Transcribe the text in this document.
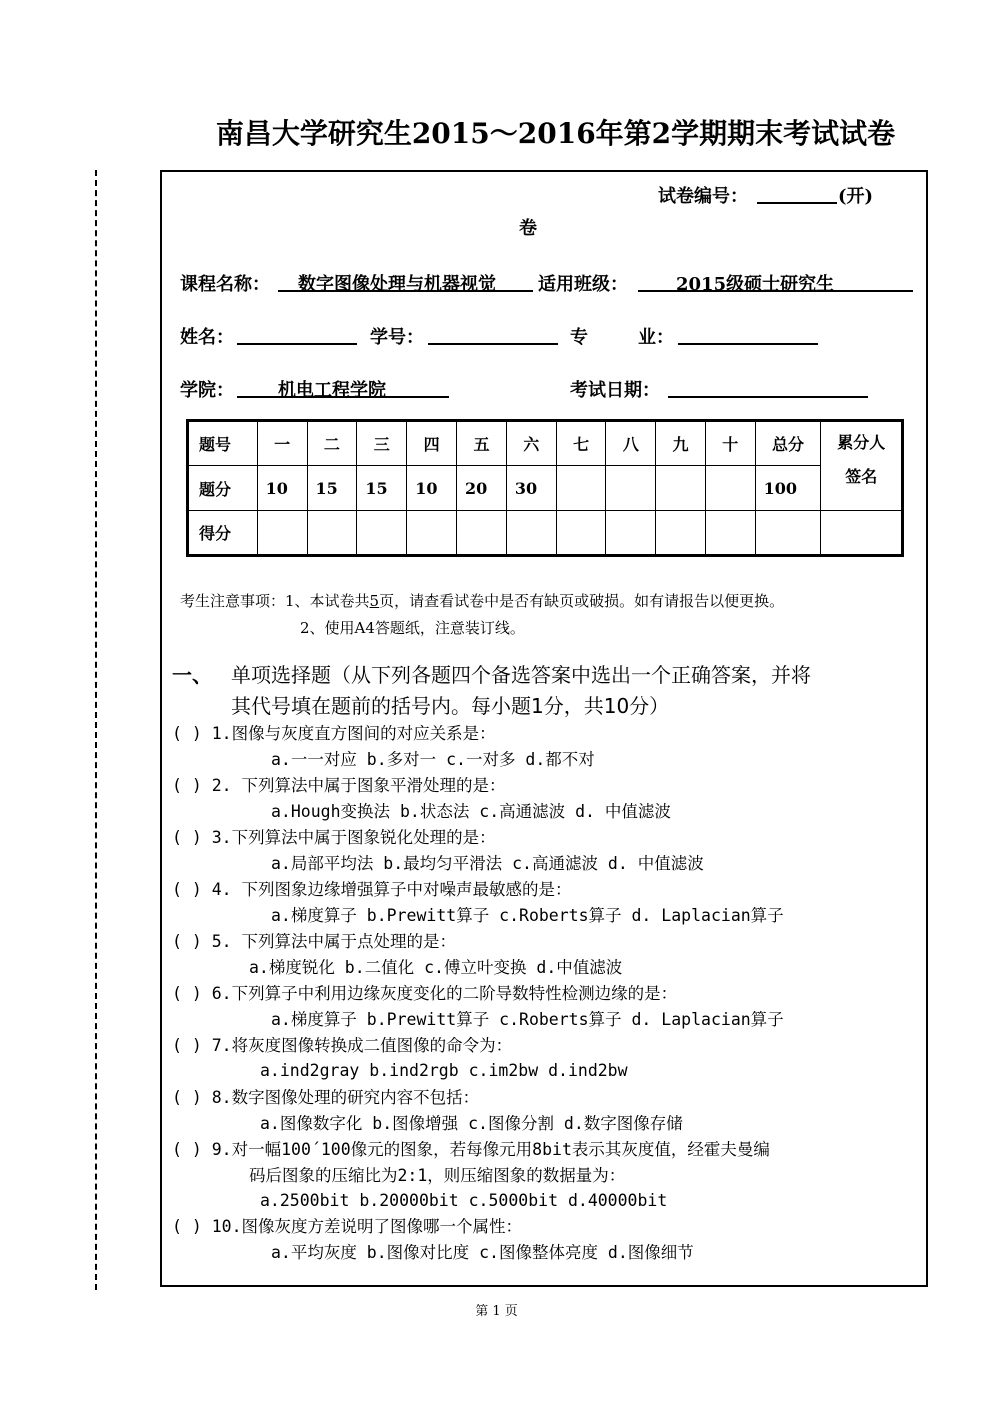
南昌大学研究生2015～2016年第2学期期末考试试卷
试卷编号：	(开)
卷
课程名称： 数字图像处理与机器视觉 适用班级：	2015级硕士研究生
姓名：	学号：	专	业：
学院： 机电工程学院	考试日期：
题号	一	二	三	四	五	六	七	八	九	十	总分	累分人
签名

题分	10	15	15	10	20	30					100	
得分												
考生注意事项：1、本试卷共5页，请查看试卷中是否有缺页或破损。如有请报告以便更换。
2、使用A4答题纸，注意装订线。
一、 单项选择题（从下列各题四个备选答案中选出一个正确答案，并将
其代号填在题前的括号内。每小题1分，共10分）
( ) 1.图像与灰度直方图间的对应关系是：
a.一一对应 b.多对一 c.一对多 d.都不对
( ) 2. 下列算法中属于图象平滑处理的是：
a.Hough变换法 b.状态法 c.高通滤波 d. 中值滤波
( ) 3.下列算法中属于图象锐化处理的是：
a.局部平均法 b.最均匀平滑法 c.高通滤波 d. 中值滤波
( ) 4. 下列图象边缘增强算子中对噪声最敏感的是：
a.梯度算子 b.Prewitt算子 c.Roberts算子 d. Laplacian算子
( ) 5. 下列算法中属于点处理的是：
a.梯度锐化 b.二值化 c.傅立叶变换 d.中值滤波
( ) 6.下列算子中利用边缘灰度变化的二阶导数特性检测边缘的是：
a.梯度算子 b.Prewitt算子 c.Roberts算子 d. Laplacian算子
( ) 7.将灰度图像转换成二值图像的命令为：
a.ind2gray b.ind2rgb c.im2bw d.ind2bw
( ) 8.数字图像处理的研究内容不包括：
a.图像数字化 b.图像增强 c.图像分割 d.数字图像存储
( ) 9.对一幅100´100像元的图象，若每像元用8bit表示其灰度值，经霍夫曼编
码后图象的压缩比为2:1，则压缩图象的数据量为：
a.2500bit b.20000bit c.5000bit d.40000bit
( ) 10.图像灰度方差说明了图像哪一个属性：
a.平均灰度 b.图像对比度 c.图像整体亮度 d.图像细节
第 1 页
